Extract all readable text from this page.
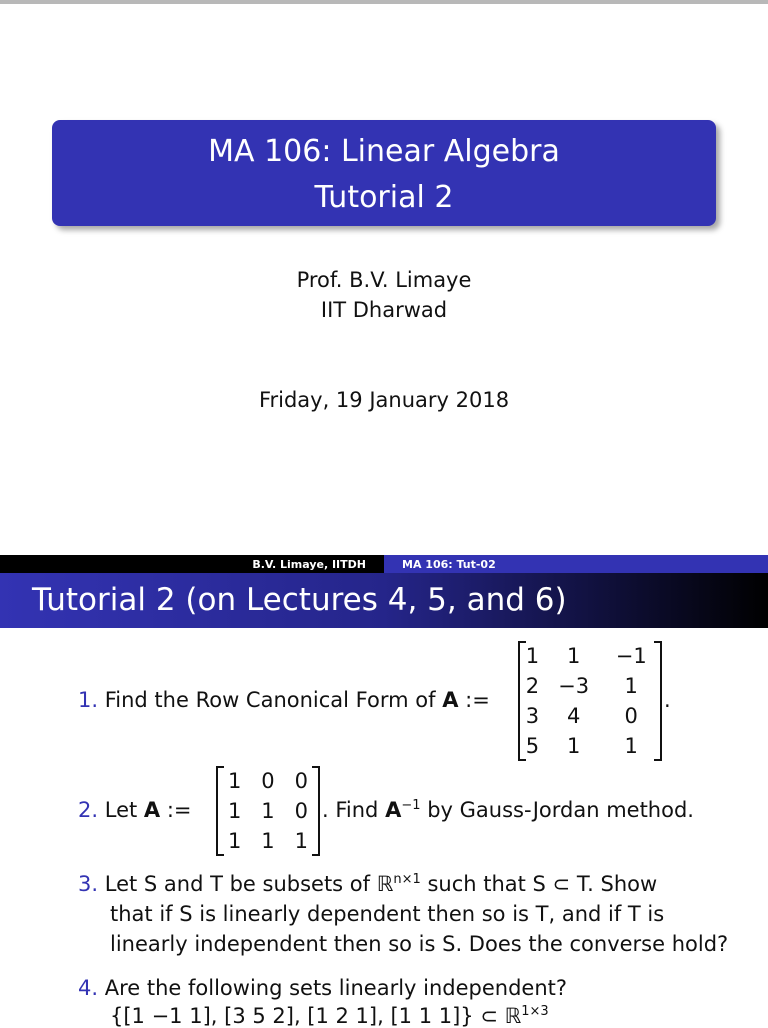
MA 106: Linear Algebra
Tutorial 2
Prof. B.V. Limaye
IIT Dharwad
Friday, 19 January 2018
B.V. Limaye, IITDH	MA 106: Tut-02
Tutorial 2 (on Lectures 4, 5, and 6)
1. Find the Row Canonical Form of A :=
1	1	−1
2	−3	1
3	4	0
5	1	1
.
2. Let A :=
1	0	0
1	1	0
1	1	1
. Find $A^{-1}$ by Gauss-Jordan method.
3. Let S and T be subsets of ℝ$^{n\times 1}$ such that S ⊂ T. Show
that if S is linearly dependent then so is T, and if T is
linearly independent then so is S. Does the converse hold?
4. Are the following sets linearly independent?
{[1 −1 1], [3 5 2], [1 2 1], [1 1 1]} ⊂ ℝ$^{1\times 3}$
